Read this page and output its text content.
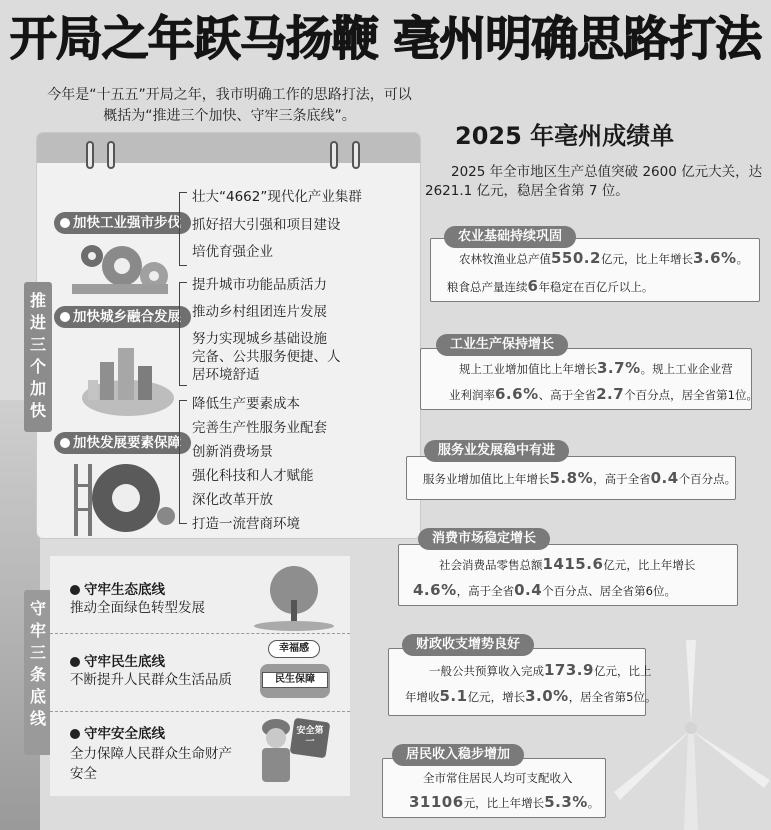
开局之年跃马扬鞭 亳州明确思路打法

今年是“十五五”开局之年，我市明确工作的思路打法，可以概括为“推进三个加快、守牢三条底线”。

推进三个加快
守牢三条底线
加快工业强市步伐
壮大“4662”现代化产业集群
抓好招大引强和项目建设
培优育强企业
加快城乡融合发展
提升城市功能品质活力
推动乡村组团连片发展
努力实现城乡基础设施
完备、公共服务便捷、人
居环境舒适
加快发展要素保障
降低生产要素成本
完善生产性服务业配套
创新消费场景
强化科技和人才赋能
深化改革开放
打造一流营商环境
守牢生态底线
推动全面绿色转型发展
守牢民生底线
不断提升人民群众生活品质
幸福感
民生保障
守牢安全底线
全力保障人民群众生命财产
安全
安全第一
2025 年亳州成绩单

2025 年全市地区生产总值突破 2600 亿元大关，达 2621.1 亿元，稳居全省第 7 位。

农林牧渔业总产值550.2亿元，比上年增长3.6%。
粮食总产量连续6年稳定在百亿斤以上。
农业基础持续巩固
规上工业增加值比上年增长3.7%。规上工业企业营
业利润率6.6%、高于全省2.7个百分点，居全省第1位。
工业生产保持增长
服务业增加值比上年增长5.8%，高于全省0.4个百分点。
服务业发展稳中有进
社会消费品零售总额1415.6亿元，比上年增长
4.6%，高于全省0.4个百分点、居全省第6位。
消费市场稳定增长
一般公共预算收入完成173.9亿元，比上
年增收5.1亿元，增长3.0%，居全省第5位。
财政收支增势良好
全市常住居民人均可支配收入
31106元，比上年增长5.3%。
居民收入稳步增加
